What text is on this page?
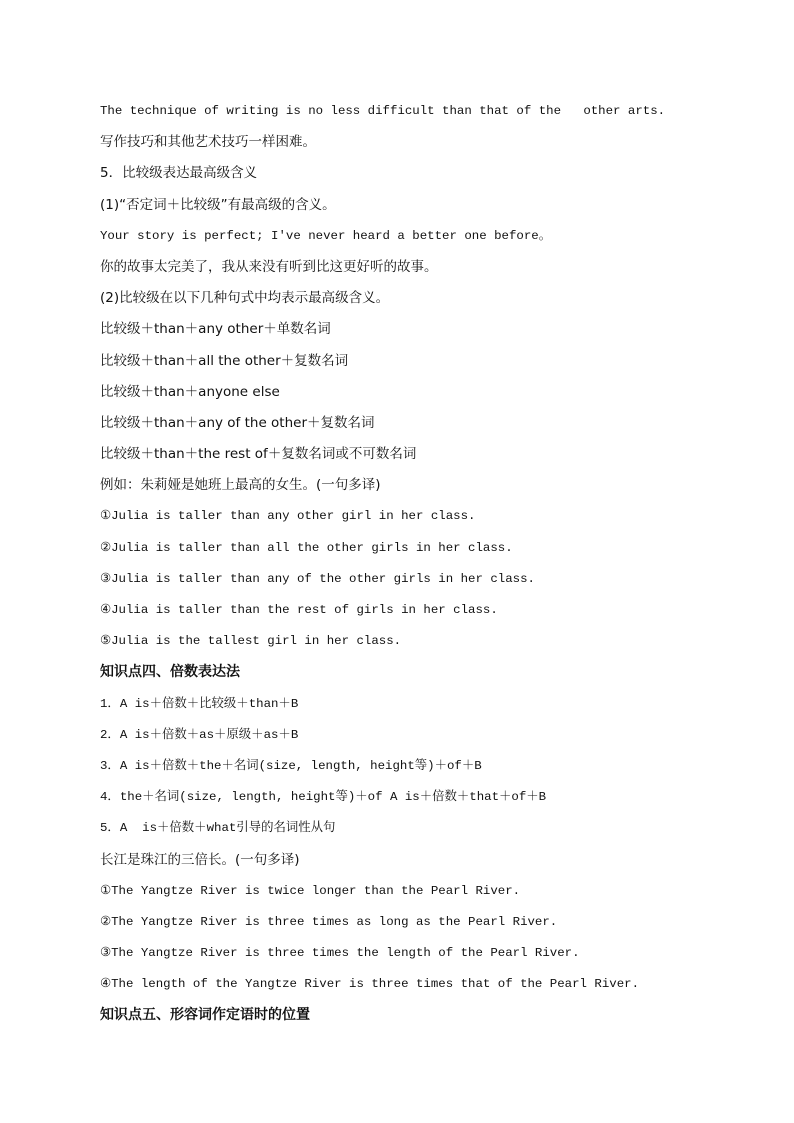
The technique of writing is no less difficult than that of the   other arts.
写作技巧和其他艺术技巧一样困难。
5．比较级表达最高级含义
(1)“否定词＋比较级”有最高级的含义。
Your story is perfect; I've never heard a better one before。
你的故事太完美了，我从来没有听到比这更好听的故事。
(2)比较级在以下几种句式中均表示最高级含义。
比较级＋than＋any other＋单数名词
比较级＋than＋all the other＋复数名词
比较级＋than＋anyone else
比较级＋than＋any of the other＋复数名词
比较级＋than＋the rest of＋复数名词或不可数名词
例如：朱莉娅是她班上最高的女生。(一句多译)
①Julia is taller than any other girl in her class.
②Julia is taller than all the other girls in her class.
③Julia is taller than any of the other girls in her class.
④Julia is taller than the rest of girls in her class.
⑤Julia is the tallest girl in her class.
知识点四、倍数表达法
1．A is＋倍数＋比较级＋than＋B
2．A is＋倍数＋as＋原级＋as＋B
3．A is＋倍数＋the＋名词(size, length, height等)＋of＋B
4．the＋名词(size, length, height等)＋of A is＋倍数＋that＋of＋B
5．A  is＋倍数＋what引导的名词性从句
长江是珠江的三倍长。(一句多译)
①The Yangtze River is twice longer than the Pearl River.
②The Yangtze River is three times as long as the Pearl River.
③The Yangtze River is three times the length of the Pearl River.
④The length of the Yangtze River is three times that of the Pearl River.
知识点五、形容词作定语时的位置
